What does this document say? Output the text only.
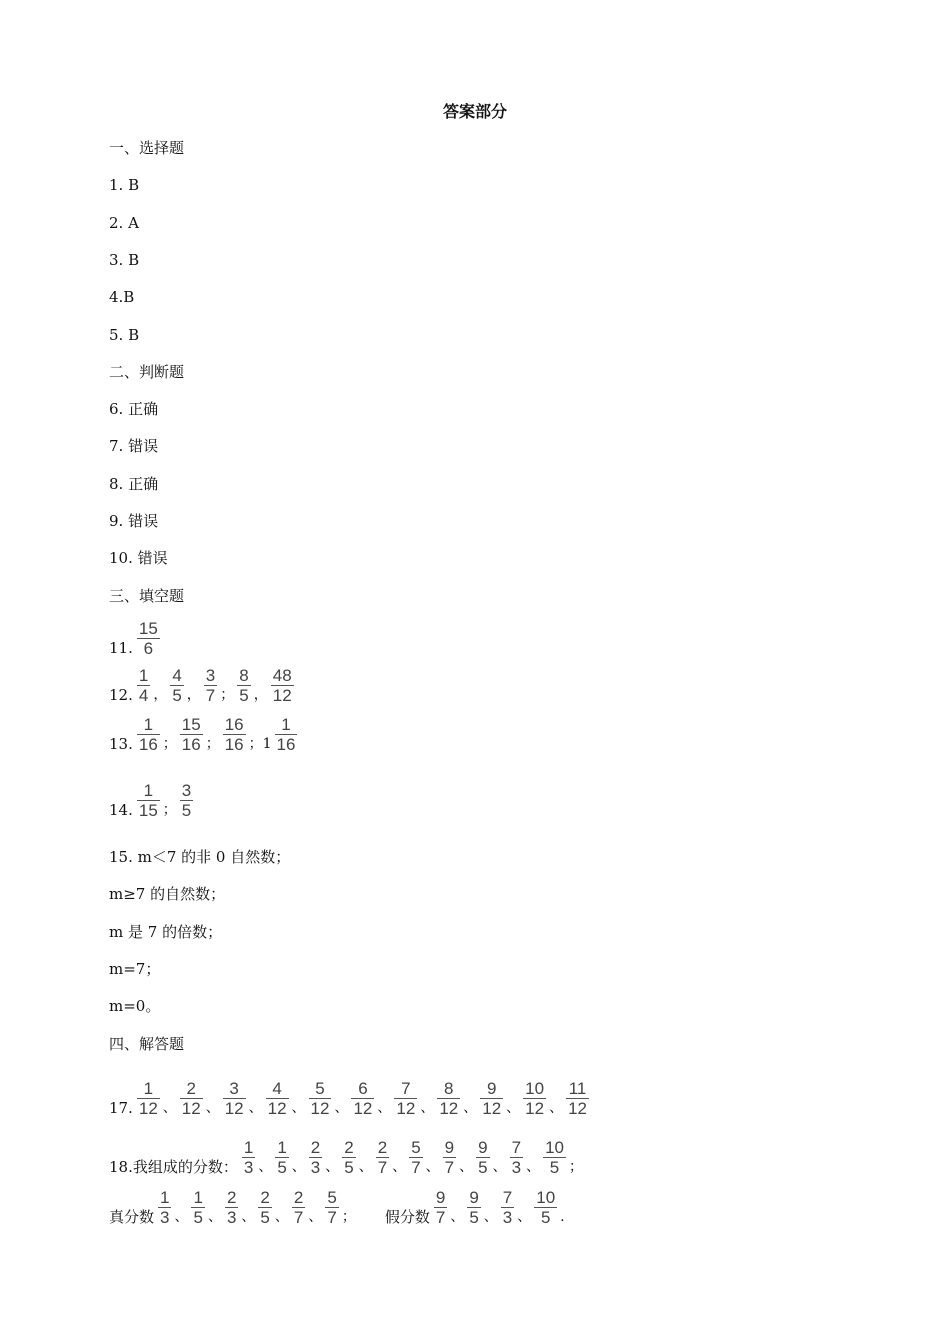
答案部分
一、选择题
1. B
2. A
3. B
4.B
5. B
二、判断题
6. 正确
7. 错误
8. 正确
9. 错误
10. 错误
三、填空题
11. $\frac{15}{6}$
12. $\frac{1}{4}$ ， $\frac{4}{5}$ ， $\frac{3}{7}$ ； $\frac{8}{5}$ ， $\frac{48}{12}$
13. $\frac{1}{16}$ ； $\frac{15}{16}$ ； $\frac{16}{16}$ ；$1 \frac{1}{16}$
14. $\frac{1}{15}$ ； $\frac{3}{5}$
15. m＜7 的非 0 自然数；
m≥7 的自然数；
m 是 7 的倍数；
m=7；
m=0。
四、解答题
17. $\frac{1}{12}$ 、 $\frac{2}{12}$ 、 $\frac{3}{12}$ 、 $\frac{4}{12}$ 、 $\frac{5}{12}$ 、 $\frac{6}{12}$ 、 $\frac{7}{12}$ 、 $\frac{8}{12}$ 、 $\frac{9}{12}$ 、 $\frac{10}{12}$ 、 $\frac{11}{12}$
18.我组成的分数： $\frac{1}{3}$ 、 $\frac{1}{5}$ 、 $\frac{2}{3}$ 、 $\frac{2}{5}$ 、 $\frac{2}{7}$ 、 $\frac{5}{7}$ 、 $\frac{9}{7}$ 、 $\frac{9}{5}$ 、 $\frac{7}{3}$ 、 $\frac{10}{5}$ ；
真分数 $\frac{1}{3}$ 、 $\frac{1}{5}$ 、 $\frac{2}{3}$ 、 $\frac{2}{5}$ 、 $\frac{2}{7}$ 、 $\frac{5}{7}$ ； 假分数 $\frac{9}{7}$ 、 $\frac{9}{5}$ 、 $\frac{7}{3}$ 、 $\frac{10}{5}$ .
